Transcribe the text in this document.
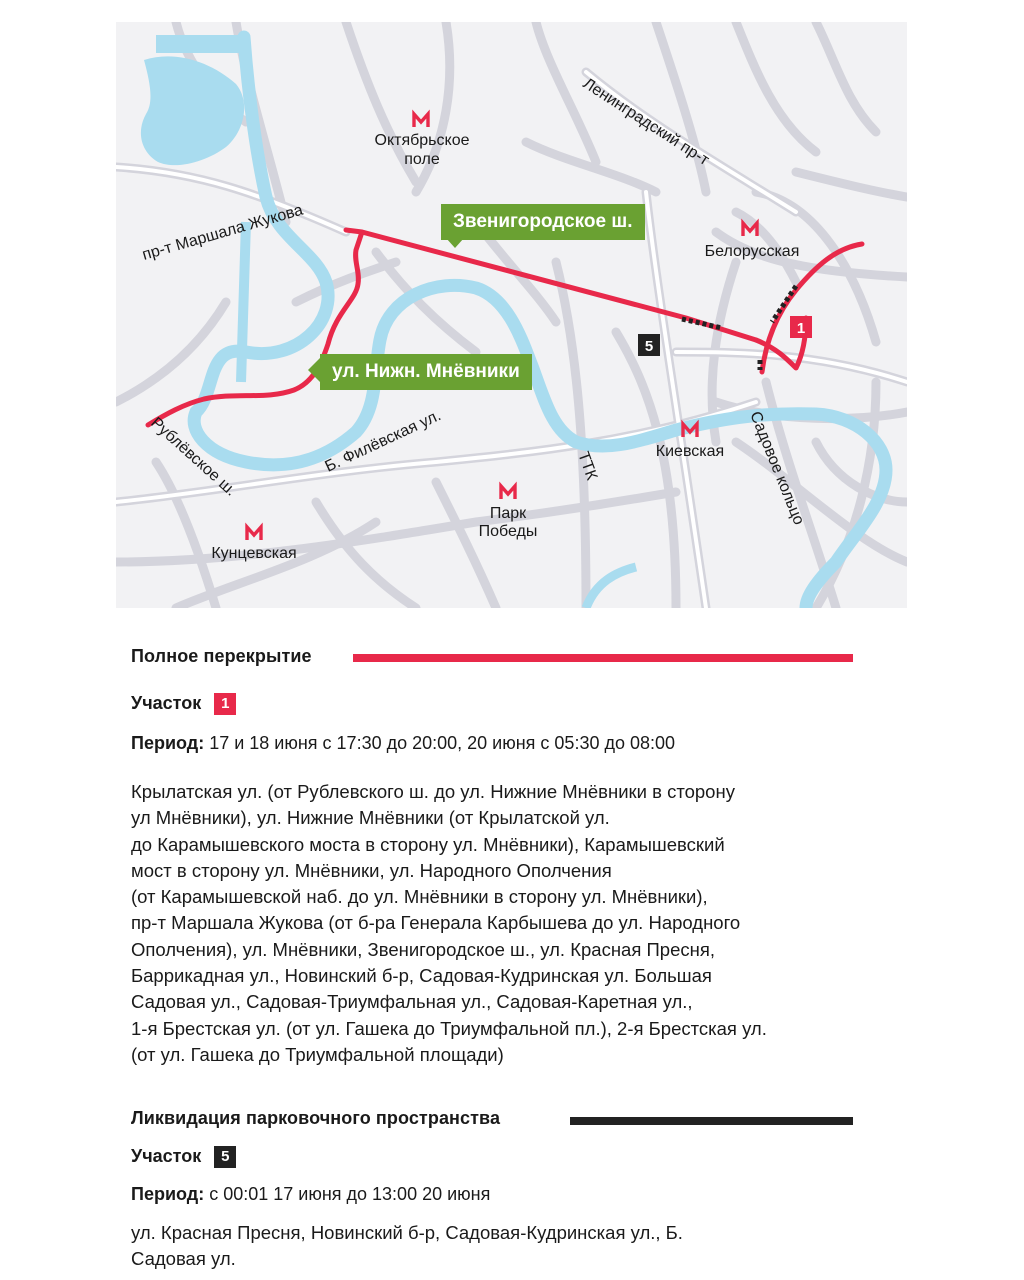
Октябрьское
поле
Белорусская
Киевская
Парк
Победы
Кунцевская
Ленинградский пр-т
пр-т Маршала Жукова
Рублёвское ш.	Б. Филёвская ул.	ТТК	Садовое кольцо
1
5
Звенигородское ш.
ул. Нижн. Мнёвники
Полное перекрытие
Участок 1
Период: 17 и 18 июня с 17:30 до 20:00, 20 июня с 05:30 до 08:00
Крылатская ул. (от Рублевского ш. до ул. Нижние Мнёвники в сторону
ул Мнёвники), ул. Нижние Мнёвники (от Крылатской ул.
до Карамышевского моста в сторону ул. Мнёвники), Карамышевский
мост в сторону ул. Мнёвники, ул. Народного Ополчения
(от Карамышевской наб. до ул. Мнёвники в сторону ул. Мнёвники),
пр-т Маршала Жукова (от б-ра Генерала Карбышева до ул. Народного
Ополчения), ул. Мнёвники, Звенигородское ш., ул. Красная Пресня,
Баррикадная ул., Новинский б-р, Садовая-Кудринская ул. Большая
Садовая ул., Садовая-Триумфальная ул., Садовая-Каретная ул.,
1-я Брестская ул. (от ул. Гашека до Триумфальной пл.), 2-я Брестская ул.
(от ул. Гашека до Триумфальной площади)
Ликвидация парковочного пространства
Участок 5
Период: с 00:01 17 июня до 13:00 20 июня
ул. Красная Пресня, Новинский б-р, Садовая-Кудринская ул., Б.
Садовая ул.
